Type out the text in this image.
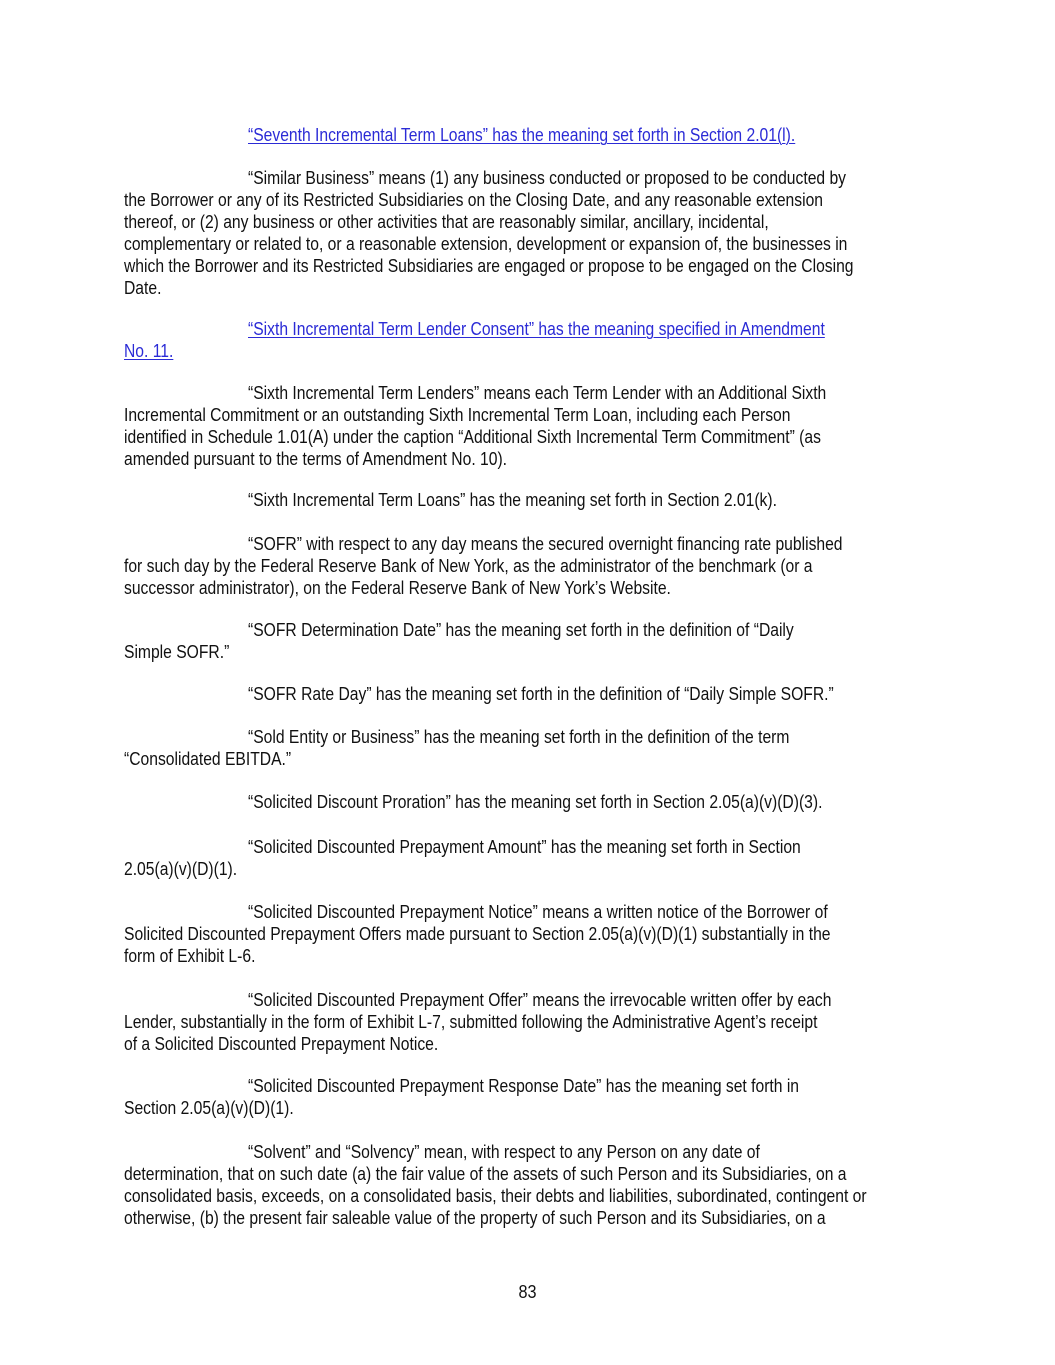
“Seventh Incremental Term Loans” has the meaning set forth in Section 2.01(l).
“Similar Business” means (1) any business conducted or proposed to be conducted by
the Borrower or any of its Restricted Subsidiaries on the Closing Date, and any reasonable extension
thereof, or (2) any business or other activities that are reasonably similar, ancillary, incidental,
complementary or related to, or a reasonable extension, development or expansion of, the businesses in
which the Borrower and its Restricted Subsidiaries are engaged or propose to be engaged on the Closing
Date.
“Sixth Incremental Term Lender Consent” has the meaning specified in Amendment
No. 11.
“Sixth Incremental Term Lenders” means each Term Lender with an Additional Sixth
Incremental Commitment or an outstanding Sixth Incremental Term Loan, including each Person
identified in Schedule 1.01(A) under the caption “Additional Sixth Incremental Term Commitment” (as
amended pursuant to the terms of Amendment No. 10).
“Sixth Incremental Term Loans” has the meaning set forth in Section 2.01(k).
“SOFR” with respect to any day means the secured overnight financing rate published
for such day by the Federal Reserve Bank of New York, as the administrator of the benchmark (or a
successor administrator), on the Federal Reserve Bank of New York’s Website.
“SOFR Determination Date” has the meaning set forth in the definition of “Daily
Simple SOFR.”
“SOFR Rate Day” has the meaning set forth in the definition of “Daily Simple SOFR.”
“Sold Entity or Business” has the meaning set forth in the definition of the term
“Consolidated EBITDA.”
“Solicited Discount Proration” has the meaning set forth in Section 2.05(a)(v)(D)(3).
“Solicited Discounted Prepayment Amount” has the meaning set forth in Section
2.05(a)(v)(D)(1).
“Solicited Discounted Prepayment Notice” means a written notice of the Borrower of
Solicited Discounted Prepayment Offers made pursuant to Section 2.05(a)(v)(D)(1) substantially in the
form of Exhibit L-6.
“Solicited Discounted Prepayment Offer” means the irrevocable written offer by each
Lender, substantially in the form of Exhibit L-7, submitted following the Administrative Agent’s receipt
of a Solicited Discounted Prepayment Notice.
“Solicited Discounted Prepayment Response Date” has the meaning set forth in
Section 2.05(a)(v)(D)(1).
“Solvent” and “Solvency” mean, with respect to any Person on any date of
determination, that on such date (a) the fair value of the assets of such Person and its Subsidiaries, on a
consolidated basis, exceeds, on a consolidated basis, their debts and liabilities, subordinated, contingent or
otherwise, (b) the present fair saleable value of the property of such Person and its Subsidiaries, on a
83
